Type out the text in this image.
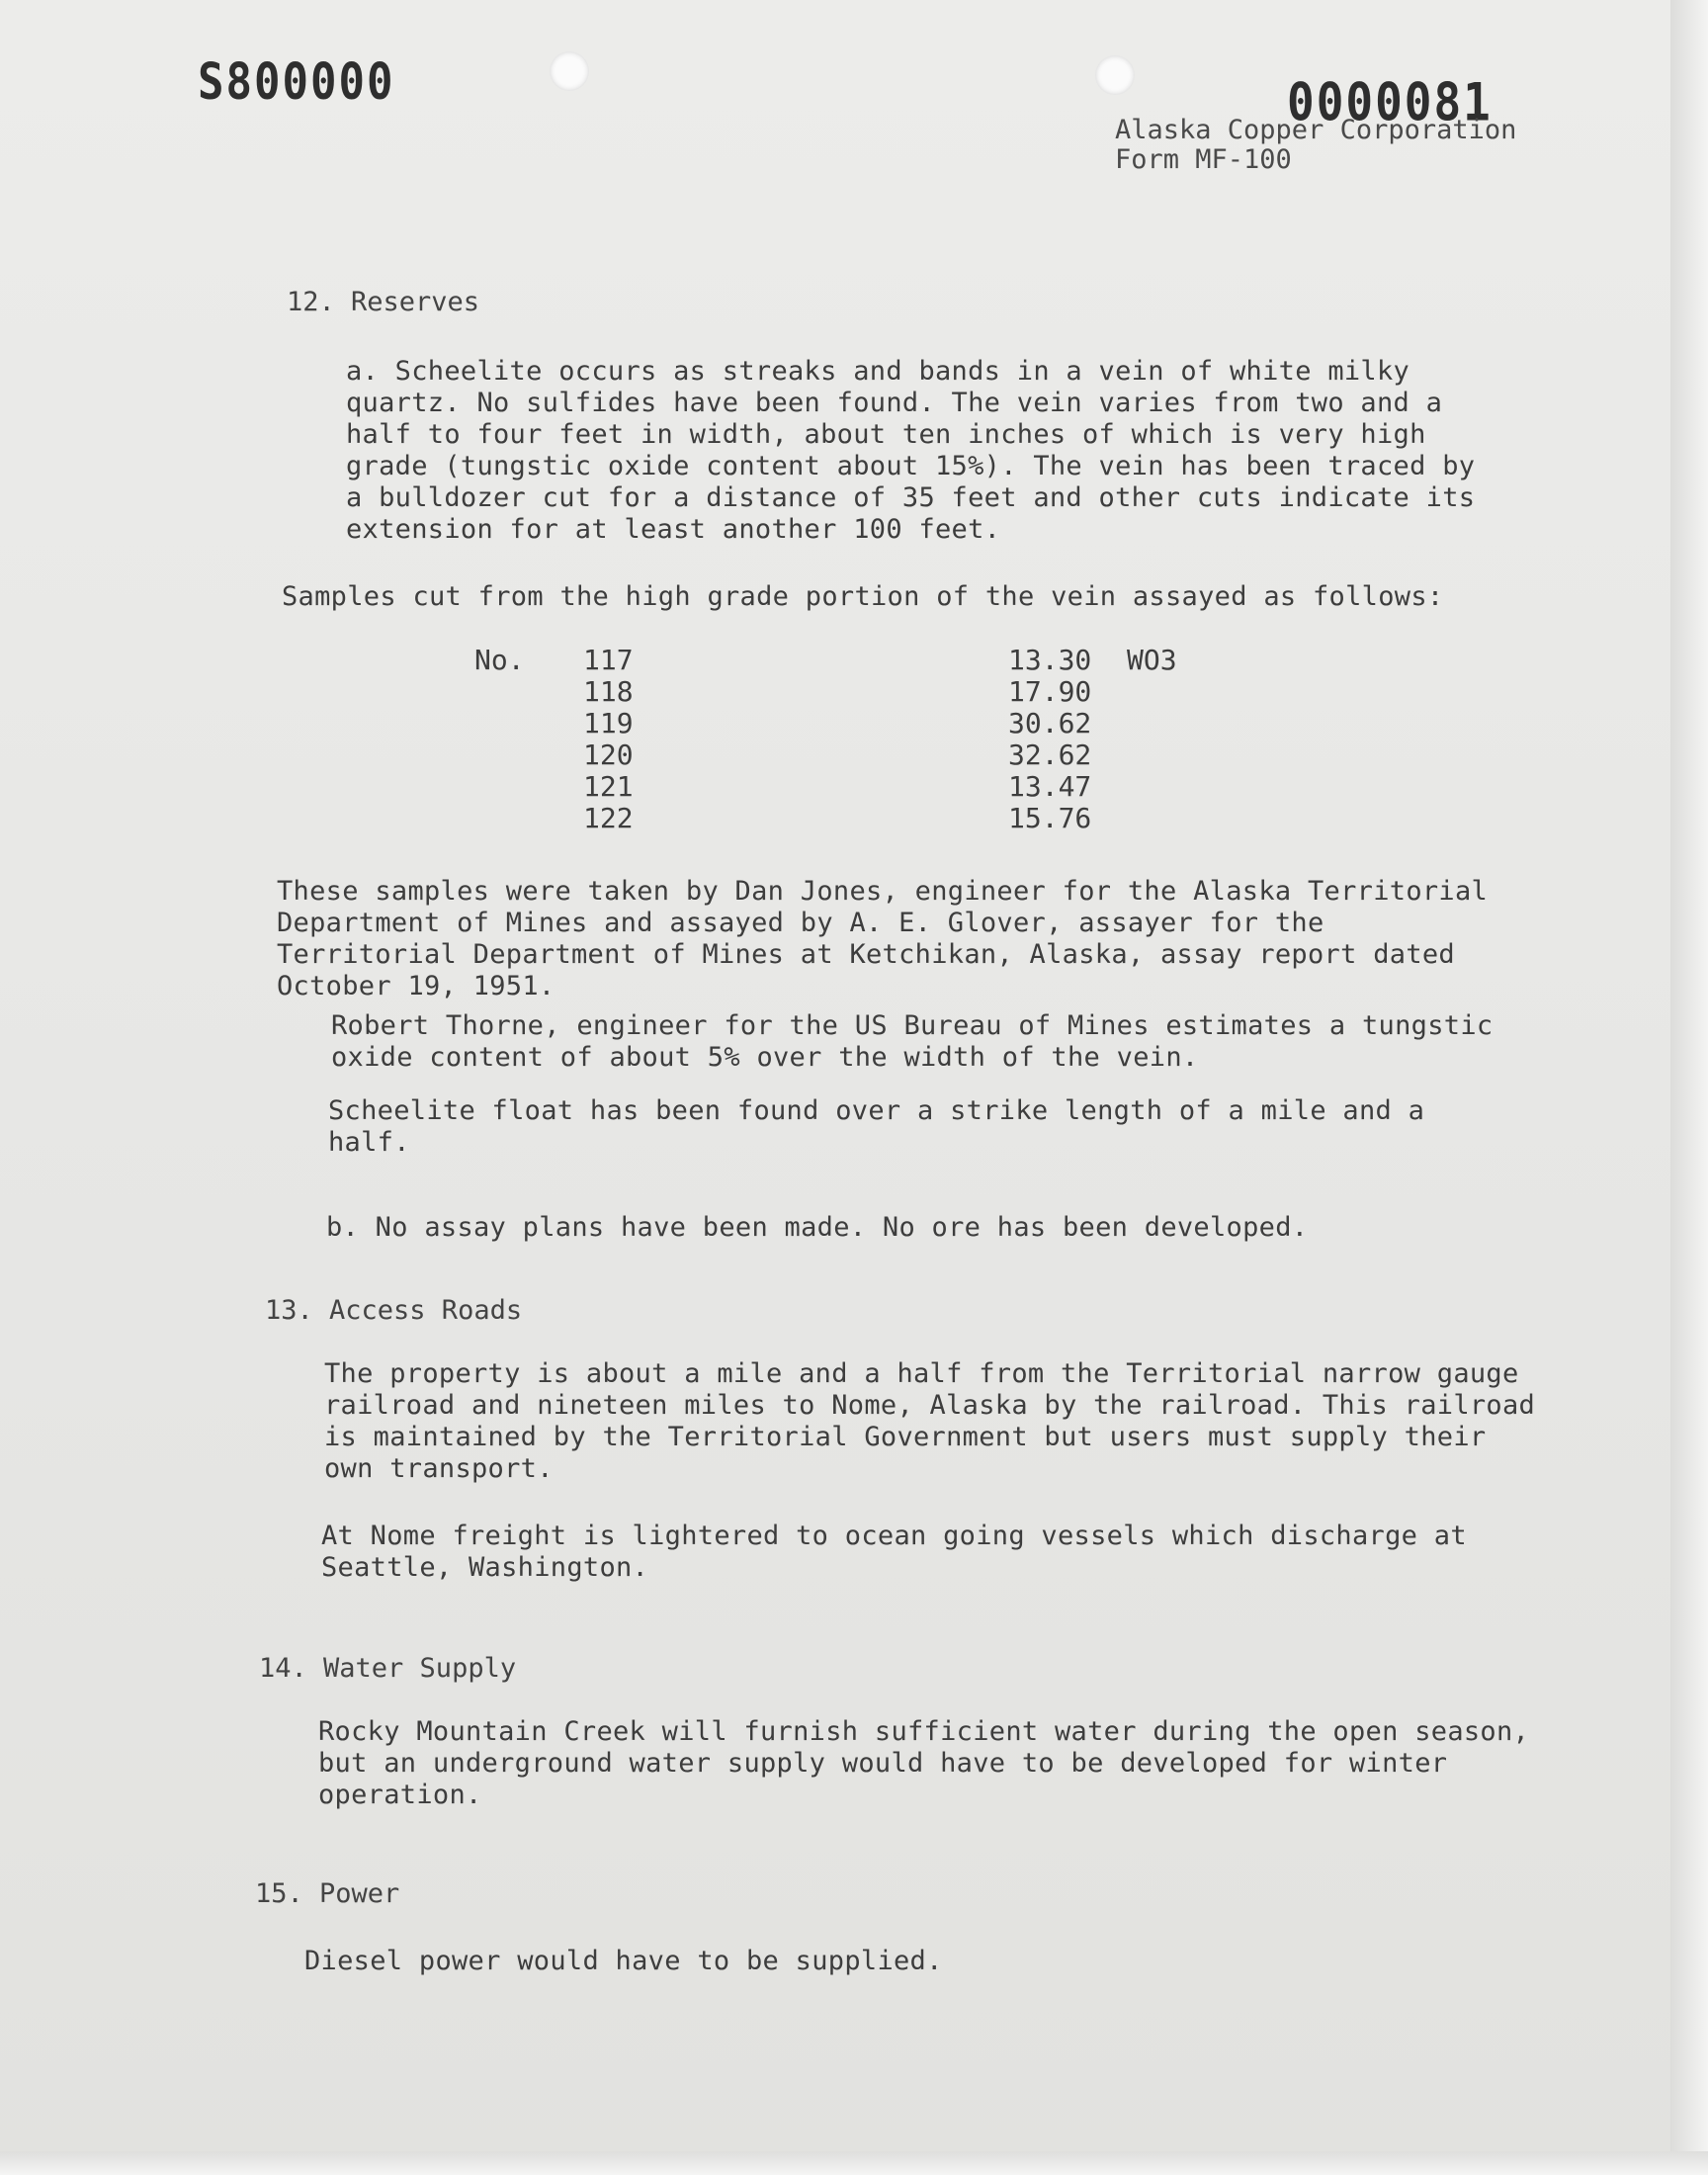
S800000	0000081
Alaska Copper Corporation
Form MF-100
12. Reserves
a. Scheelite occurs as streaks and bands in a vein of white milky quartz. No sulfides have been found. The vein varies from two and a half to four feet in width, about ten inches of which is very high grade (tungstic oxide content about 15%). The vein has been traced by a bulldozer cut for a distance of 35 feet and other cuts indicate its extension for at least another 100 feet.
Samples cut from the high grade portion of the vein assayed as follows:
No.	117	13.30	WO3
118	17.90
119	30.62
120	32.62
121	13.47
122	15.76
These samples were taken by Dan Jones, engineer for the Alaska Territorial Department of Mines and assayed by A. E. Glover, assayer for the Territorial Department of Mines at Ketchikan, Alaska, assay report dated October 19, 1951.
Robert Thorne, engineer for the US Bureau of Mines estimates a tungstic oxide content of about 5% over the width of the vein.
Scheelite float has been found over a strike length of a mile and a half.
b. No assay plans have been made. No ore has been developed.
13. Access Roads
The property is about a mile and a half from the Territorial narrow gauge railroad and nineteen miles to Nome, Alaska by the railroad. This railroad is maintained by the Territorial Government but users must supply their own transport.
At Nome freight is lightered to ocean going vessels which discharge at Seattle, Washington.
14. Water Supply
Rocky Mountain Creek will furnish sufficient water during the open season, but an underground water supply would have to be developed for winter operation.
15. Power
Diesel power would have to be supplied.
